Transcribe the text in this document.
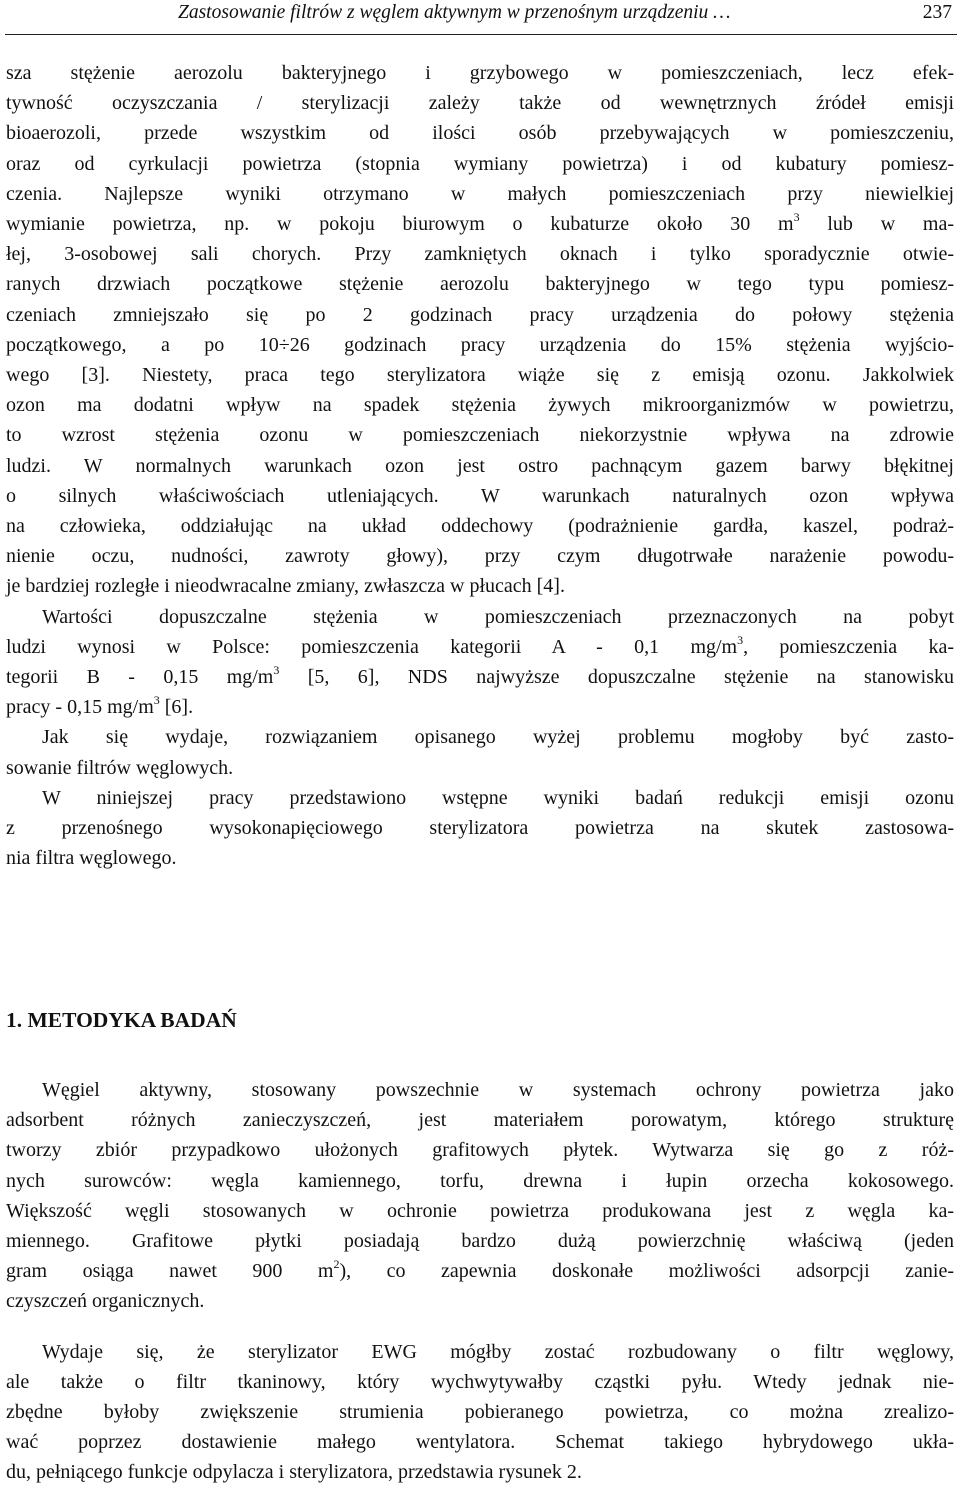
Zastosowanie filtrów z węglem aktywnym w przenośnym urządzeniu …	237

sza stężenie aerozolu bakteryjnego i grzybowego w pomieszczeniach, lecz efek-
tywność oczyszczania / sterylizacji zależy także od wewnętrznych źródeł emisji
bioaerozoli, przede wszystkim od ilości osób przebywających w pomieszczeniu,
oraz od cyrkulacji powietrza (stopnia wymiany powietrza) i od kubatury pomiesz-
czenia. Najlepsze wyniki otrzymano w małych pomieszczeniach przy niewielkiej
wymianie powietrza, np. w pokoju biurowym o kubaturze około 30 $m^3$ lub w ma-
łej, 3-osobowej sali chorych. Przy zamkniętych oknach i tylko sporadycznie otwie-
ranych drzwiach początkowe stężenie aerozolu bakteryjnego w tego typu pomiesz-
czeniach zmniejszało się po 2 godzinach pracy urządzenia do połowy stężenia
początkowego, a po 10÷26 godzinach pracy urządzenia do 15% stężenia wyjścio-
wego [3]. Niestety, praca tego sterylizatora wiąże się z emisją ozonu. Jakkolwiek
ozon ma dodatni wpływ na spadek stężenia żywych mikroorganizmów w powietrzu,
to wzrost stężenia ozonu w pomieszczeniach niekorzystnie wpływa na zdrowie
ludzi. W normalnych warunkach ozon jest ostro pachnącym gazem barwy błękitnej
o silnych właściwościach utleniających. W warunkach naturalnych ozon wpływa
na człowieka, oddziałując na układ oddechowy (podrażnienie gardła, kaszel, podraż-
nienie oczu, nudności, zawroty głowy), przy czym długotrwałe narażenie powodu-
je bardziej rozległe i nieodwracalne zmiany, zwłaszcza w płucach [4].

Wartości dopuszczalne stężenia w pomieszczeniach przeznaczonych na pobyt
ludzi wynosi w Polsce: pomieszczenia kategorii A - 0,1 $mg/m^3$, pomieszczenia ka-
tegorii B - 0,15 $mg/m^3$ [5, 6], NDS najwyższe dopuszczalne stężenie na stanowisku
pracy - 0,15 $mg/m^3$ [6].

Jak się wydaje, rozwiązaniem opisanego wyżej problemu mogłoby być zasto-
sowanie filtrów węglowych.

W niniejszej pracy przedstawiono wstępne wyniki badań redukcji emisji ozonu
z przenośnego wysokonapięciowego sterylizatora powietrza na skutek zastosowa-
nia filtra węglowego.

1. METODYKA BADAŃ

Węgiel aktywny, stosowany powszechnie w systemach ochrony powietrza jako
adsorbent różnych zanieczyszczeń, jest materiałem porowatym, którego strukturę
tworzy zbiór przypadkowo ułożonych grafitowych płytek. Wytwarza się go z róż-
nych surowców: węgla kamiennego, torfu, drewna i łupin orzecha kokosowego.
Większość węgli stosowanych w ochronie powietrza produkowana jest z węgla ka-
miennego. Grafitowe płytki posiadają bardzo dużą powierzchnię właściwą (jeden
gram osiąga nawet 900 $m^2$), co zapewnia doskonałe możliwości adsorpcji zanie-
czyszczeń organicznych.

Wydaje się, że sterylizator EWG mógłby zostać rozbudowany o filtr węglowy,
ale także o filtr tkaninowy, który wychwytywałby cząstki pyłu. Wtedy jednak nie-
zbędne byłoby zwiększenie strumienia pobieranego powietrza, co można zrealizo-
wać poprzez dostawienie małego wentylatora. Schemat takiego hybrydowego ukła-
du, pełniącego funkcje odpylacza i sterylizatora, przedstawia rysunek 2.
